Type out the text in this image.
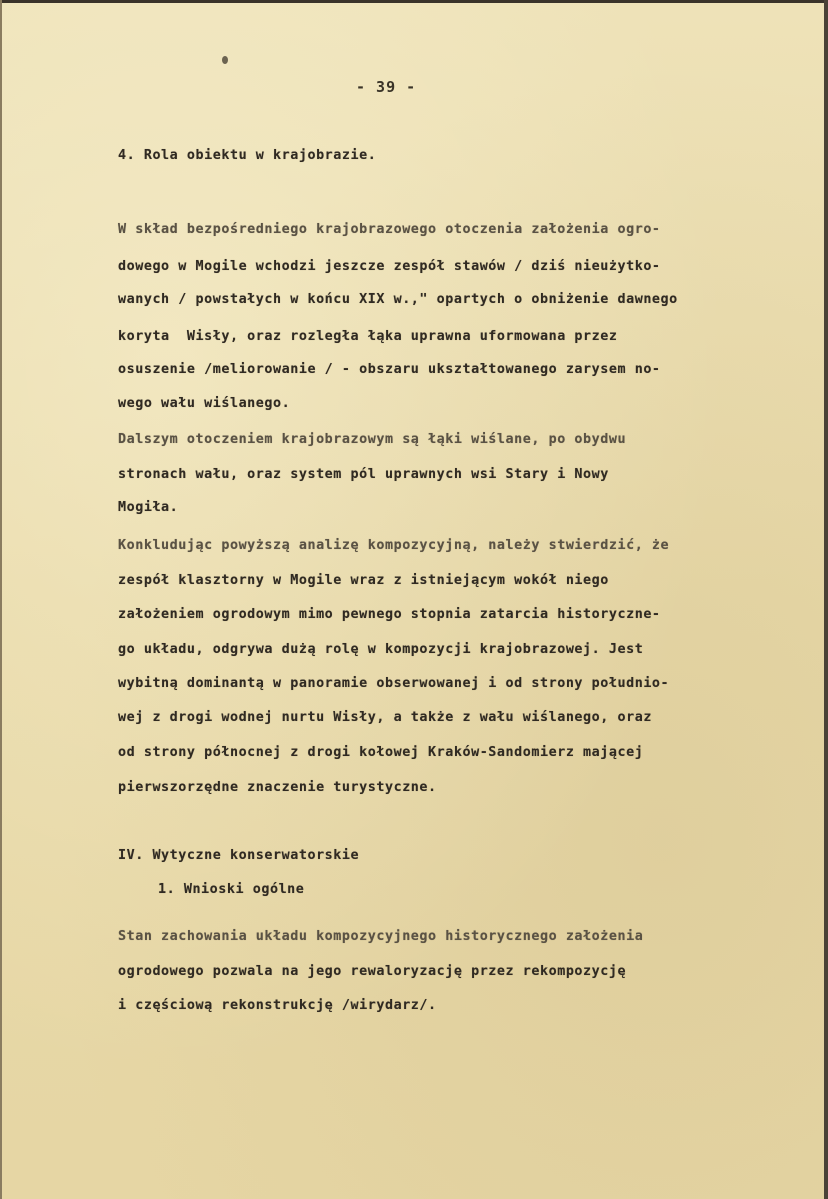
- 39 -
4. Rola obiektu w krajobrazie.
W skład bezpośredniego krajobrazowego otoczenia założenia ogro-
dowego w Mogile wchodzi jeszcze zespół stawów / dziś nieużytko-
wanych / powstałych w końcu XIX w.," opartych o obniżenie dawnego
koryta  Wisły, oraz rozległa łąka uprawna uformowana przez
osuszenie /meliorowanie / - obszaru ukształtowanego zarysem no-
wego wału wiślanego.
Dalszym otoczeniem krajobrazowym są łąki wiślane, po obydwu
stronach wału, oraz system pól uprawnych wsi Stary i Nowy
Mogiła.
Konkludując powyższą analizę kompozycyjną, należy stwierdzić, że
zespół klasztorny w Mogile wraz z istniejącym wokół niego
założeniem ogrodowym mimo pewnego stopnia zatarcia historyczne-
go układu, odgrywa dużą rolę w kompozycji krajobrazowej. Jest
wybitną dominantą w panoramie obserwowanej i od strony południo-
wej z drogi wodnej nurtu Wisły, a także z wału wiślanego, oraz
od strony północnej z drogi kołowej Kraków-Sandomierz mającej
pierwszorzędne znaczenie turystyczne.
IV. Wytyczne konserwatorskie
1. Wnioski ogólne
Stan zachowania układu kompozycyjnego historycznego założenia
ogrodowego pozwala na jego rewaloryzację przez rekompozycję
i częściową rekonstrukcję /wirydarz/.
